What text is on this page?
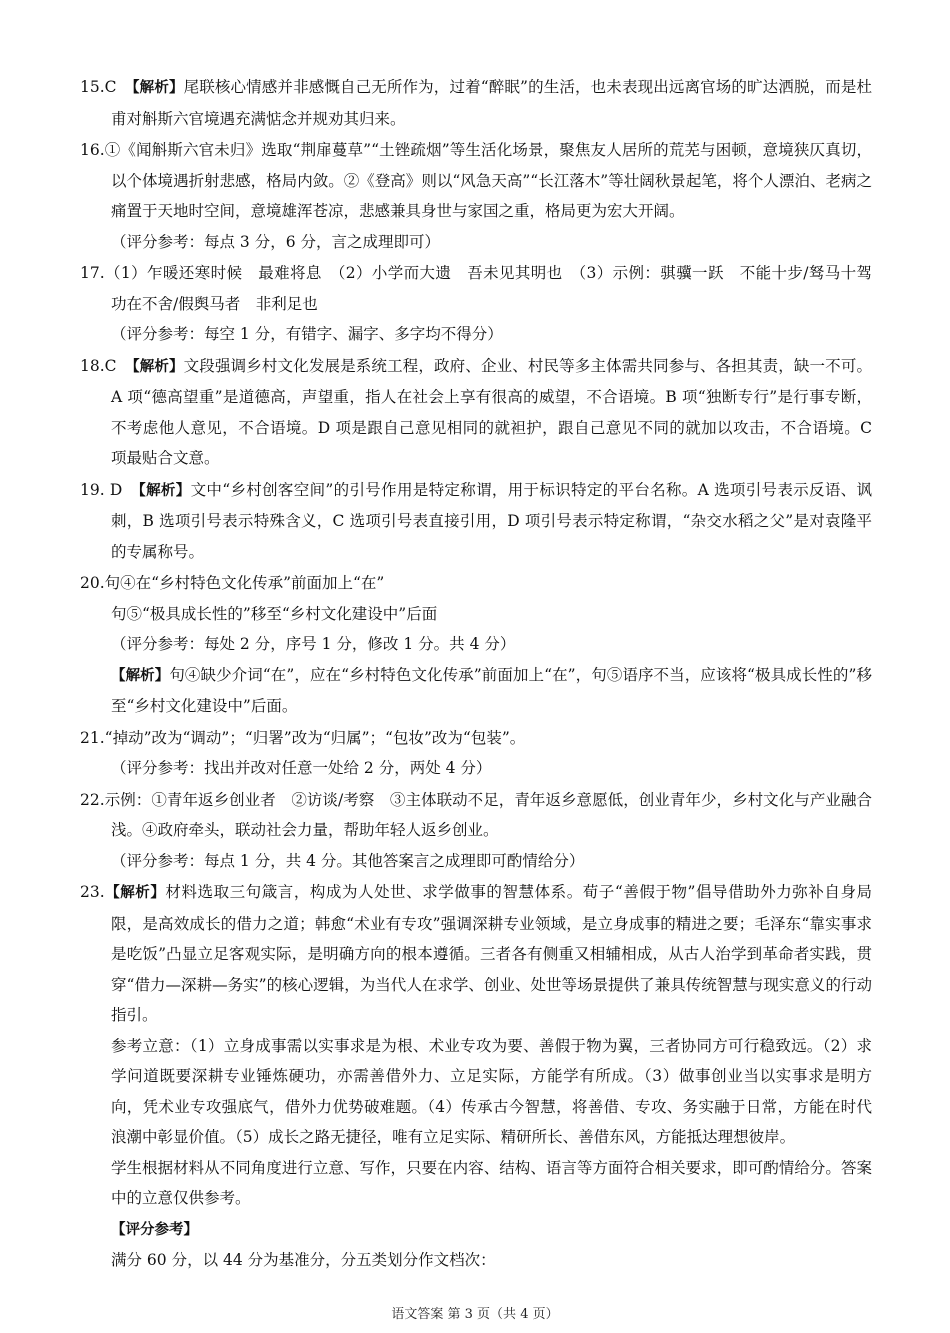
15.C　 【解析】尾联核心情感并非感慨自己无所作为，过着“醉眠”的生活，也未表现出远离官场的旷达洒脱，而是杜甫对斛斯六官境遇充满惦念并规劝其归来。

16.①《闻斛斯六官未归》选取“荆扉蔓草”“土锉疏烟”等生活化场景，聚焦友人居所的荒芜与困顿，意境狭仄真切，以个体境遇折射悲感，格局内敛。②《登高》则以“风急天高”“长江落木”等壮阔秋景起笔，将个人漂泊、老病之痛置于天地时空间，意境雄浑苍凉，悲感兼具身世与家国之重，格局更为宏大开阔。

（评分参考：每点 3 分，6 分，言之成理即可）

17.（1）乍暖还寒时候　最难将息　（2）小学而大遗　吾未见其明也　（3）示例：骐骥一跃　不能十步/驽马十驾　功在不舍/假舆马者　非利足也

（评分参考：每空 1 分，有错字、漏字、多字均不得分）

18.C　 【解析】文段强调乡村文化发展是系统工程，政府、企业、村民等多主体需共同参与、各担其责，缺一不可。A 项“德高望重”是道德高，声望重，指人在社会上享有很高的威望，不合语境。B 项“独断专行”是行事专断，不考虑他人意见，不合语境。D 项是跟自己意见相同的就袒护，跟自己意见不同的就加以攻击，不合语境。C 项最贴合文意。

19. D　 【解析】文中“乡村创客空间”的引号作用是特定称谓，用于标识特定的平台名称。A 选项引号表示反语、讽刺，B 选项引号表示特殊含义，C 选项引号表直接引用，D 项引号表示特定称谓，“杂交水稻之父”是对袁隆平的专属称号。

20.句④在“乡村特色文化传承”前面加上“在”

句⑤“极具成长性的”移至“乡村文化建设中”后面

（评分参考：每处 2 分，序号 1 分，修改 1 分。共 4 分）

【解析】句④缺少介词“在”，应在“乡村特色文化传承”前面加上“在”，句⑤语序不当，应该将“极具成长性的”移至“乡村文化建设中”后面。

21.“掉动”改为“调动”；“归署”改为“归属”；“包妆”改为“包装”。

（评分参考：找出并改对任意一处给 2 分，两处 4 分）

22.示例：①青年返乡创业者　②访谈/考察　③主体联动不足，青年返乡意愿低，创业青年少，乡村文化与产业融合浅。④政府牵头，联动社会力量，帮助年轻人返乡创业。

（评分参考：每点 1 分，共 4 分。其他答案言之成理即可酌情给分）

23.【解析】材料选取三句箴言，构成为人处世、求学做事的智慧体系。荀子“善假于物”倡导借助外力弥补自身局限，是高效成长的借力之道；韩愈“术业有专攻”强调深耕专业领域，是立身成事的精进之要；毛泽东“靠实事求是吃饭”凸显立足客观实际，是明确方向的根本遵循。三者各有侧重又相辅相成，从古人治学到革命者实践，贯穿“借力—深耕—务实”的核心逻辑，为当代人在求学、创业、处世等场景提供了兼具传统智慧与现实意义的行动指引。

参考立意：（1）立身成事需以实事求是为根、术业专攻为要、善假于物为翼，三者协同方可行稳致远。（2）求学问道既要深耕专业锤炼硬功，亦需善借外力、立足实际，方能学有所成。（3）做事创业当以实事求是明方向，凭术业专攻强底气，借外力优势破难题。（4）传承古今智慧，将善借、专攻、务实融于日常，方能在时代浪潮中彰显价值。（5）成长之路无捷径，唯有立足实际、精研所长、善借东风，方能抵达理想彼岸。

学生根据材料从不同角度进行立意、写作，只要在内容、结构、语言等方面符合相关要求，即可酌情给分。答案中的立意仅供参考。

【评分参考】

满分 60 分，以 44 分为基准分，分五类划分作文档次：

语文答案 第 3 页（共 4 页）
